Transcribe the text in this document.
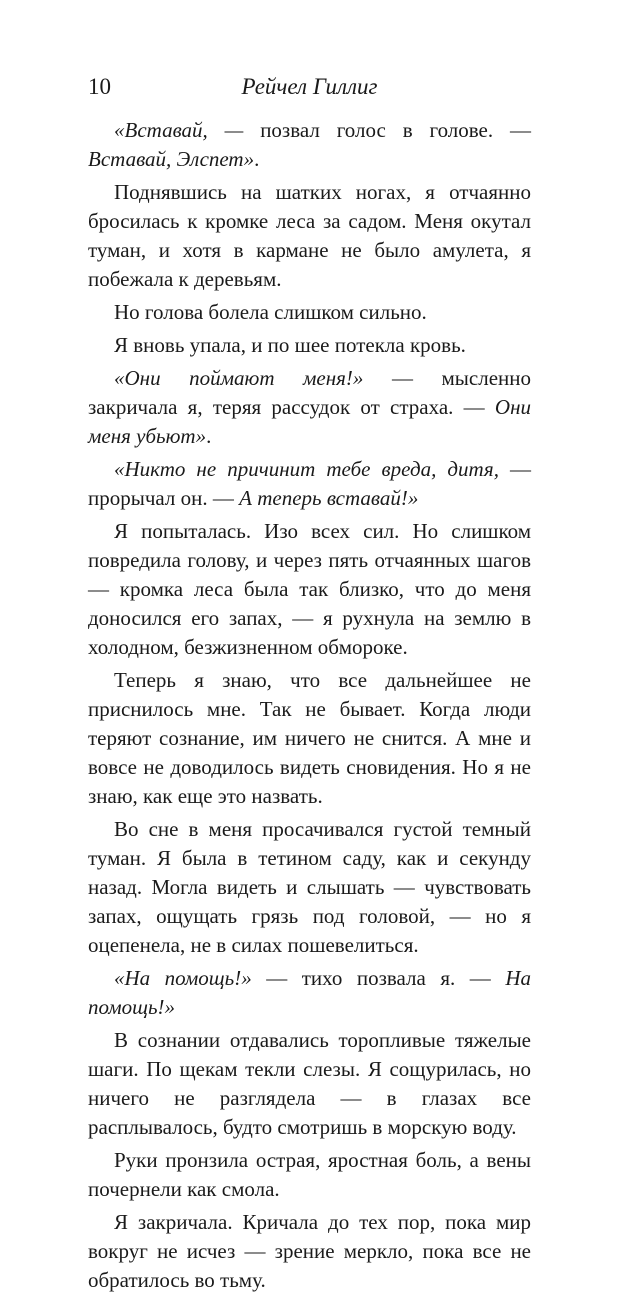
10	Рейчел Гиллиг

«Вставай, — позвал голос в голове. — Вставай, Элспет».

Поднявшись на шатких ногах, я отчаянно бросилась к кромке леса за садом. Меня окутал туман, и хотя в кармане не было амулета, я побежала к деревьям.

Но голова болела слишком сильно.

Я вновь упала, и по шее потекла кровь.

«Они поймают меня!» — мысленно закричала я, теряя рассудок от страха. — Они меня убьют».

«Никто не причинит тебе вреда, дитя, — прорычал он. — А теперь вставай!»

Я попыталась. Изо всех сил. Но слишком повредила голову, и через пять отчаянных шагов — кромка леса была так близко, что до меня доносился его запах, — я рухнула на землю в холодном, безжизненном обмороке.

Теперь я знаю, что все дальнейшее не приснилось мне. Так не бывает. Когда люди теряют сознание, им ничего не снится. А мне и вовсе не доводилось видеть сновидения. Но я не знаю, как еще это назвать.

Во сне в меня просачивался густой темный туман. Я была в тетином саду, как и секунду назад. Могла видеть и слышать — чувствовать запах, ощущать грязь под головой, — но я оцепенела, не в силах пошевелиться.

«На помощь!» — тихо позвала я. — На помощь!»

В сознании отдавались торопливые тяжелые шаги. По щекам текли слезы. Я сощурилась, но ничего не разглядела — в глазах все расплывалось, будто смотришь в морскую воду.

Руки пронзила острая, яростная боль, а вены почернели как смола.

Я закричала. Кричала до тех пор, пока мир вокруг не исчез — зрение меркло, пока все не обратилось во тьму.
